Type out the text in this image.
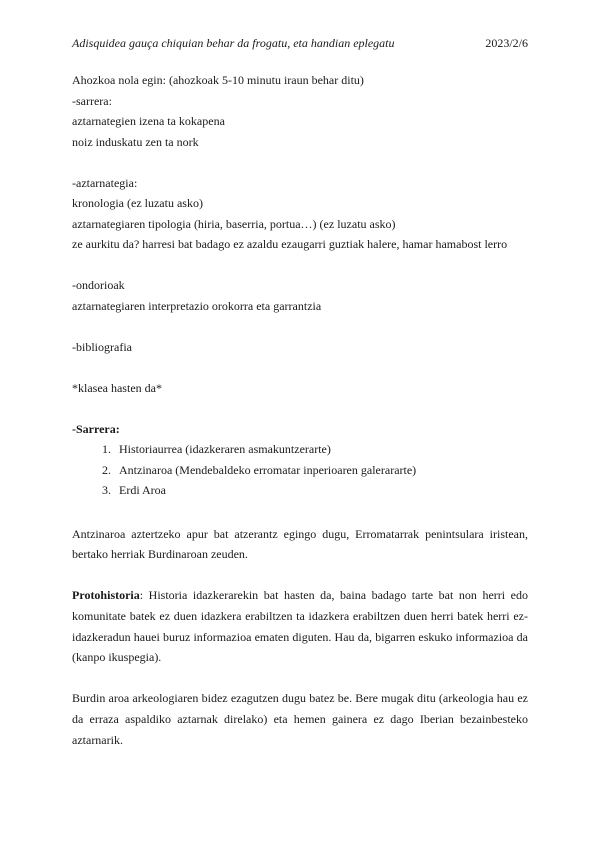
Adisquidea gauça chiquian behar da frogatu, eta handian eplegatu	2023/2/6
Ahozkoa nola egin: (ahozkoak 5-10 minutu iraun behar ditu)
-sarrera:
aztarnategien izena ta kokapena
noiz induskatu zen ta nork
-aztarnategia:
kronologia (ez luzatu asko)
aztarnategiaren tipologia (hiria, baserria, portua…) (ez luzatu asko)
ze aurkitu da? harresi bat badago ez azaldu ezaugarri guztiak halere, hamar hamabost lerro
-ondorioak
aztarnategiaren interpretazio orokorra eta garrantzia
-bibliografia
*klasea hasten da*
-Sarrera:
1. Historiaurrea (idazkeraren asmakuntzerarte)
2. Antzinaroa (Mendebaldeko erromatar inperioaren galerararte)
3. Erdi Aroa

Antzinaroa aztertzeko apur bat atzerantz egingo dugu, Erromatarrak penintsulara iristean, bertako herriak Burdinaroan zeuden.

Protohistoria: Historia idazkerarekin bat hasten da, baina badago tarte bat non herri edo komunitate batek ez duen idazkera erabiltzen ta idazkera erabiltzen duen herri batek herri ez-idazkeradun hauei buruz informazioa ematen diguten. Hau da, bigarren eskuko informazioa da (kanpo ikuspegia).

Burdin aroa arkeologiaren bidez ezagutzen dugu batez be. Bere mugak ditu (arkeologia hau ez da erraza aspaldiko aztarnak direlako) eta hemen gainera ez dago Iberian bezainbesteko aztarnarik.
